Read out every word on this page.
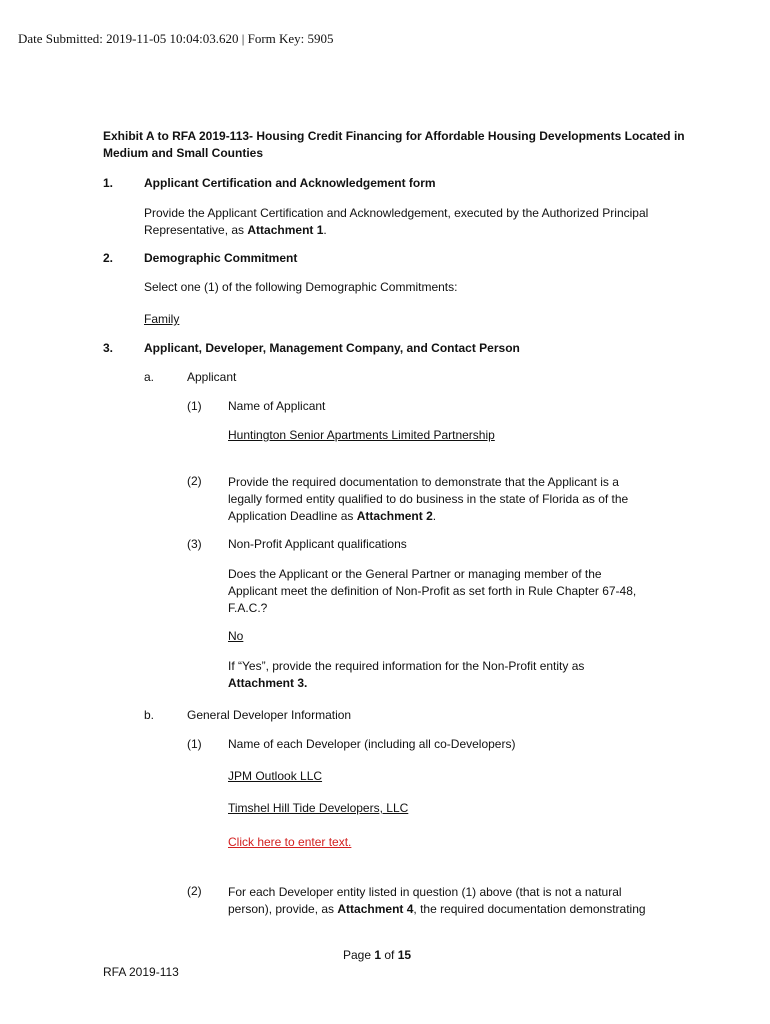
Date Submitted: 2019-11-05 10:04:03.620 | Form Key: 5905
Exhibit A to RFA 2019-113- Housing Credit Financing for Affordable Housing Developments Located in
Medium and Small Counties
1.	Applicant Certification and Acknowledgement form
Provide the Applicant Certification and Acknowledgement, executed by the Authorized Principal
Representative, as Attachment 1.
2.	Demographic Commitment
Select one (1) of the following Demographic Commitments:
Family
3.	Applicant, Developer, Management Company, and Contact Person
a.	Applicant
(1) Name of Applicant
Huntington Senior Apartments Limited Partnership
(2) Provide the required documentation to demonstrate that the Applicant is a
legally formed entity qualified to do business in the state of Florida as of the
Application Deadline as Attachment 2.
(3) Non-Profit Applicant qualifications
Does the Applicant or the General Partner or managing member of the
Applicant meet the definition of Non-Profit as set forth in Rule Chapter 67-48,
F.A.C.?
No
If “Yes”, provide the required information for the Non-Profit entity as
Attachment 3.
b.	General Developer Information
(1) Name of each Developer (including all co-Developers)
JPM Outlook LLC
Timshel Hill Tide Developers, LLC
Click here to enter text.
(2) For each Developer entity listed in question (1) above (that is not a natural
person), provide, as Attachment 4, the required documentation demonstrating
Page 1 of 15
RFA 2019-113
